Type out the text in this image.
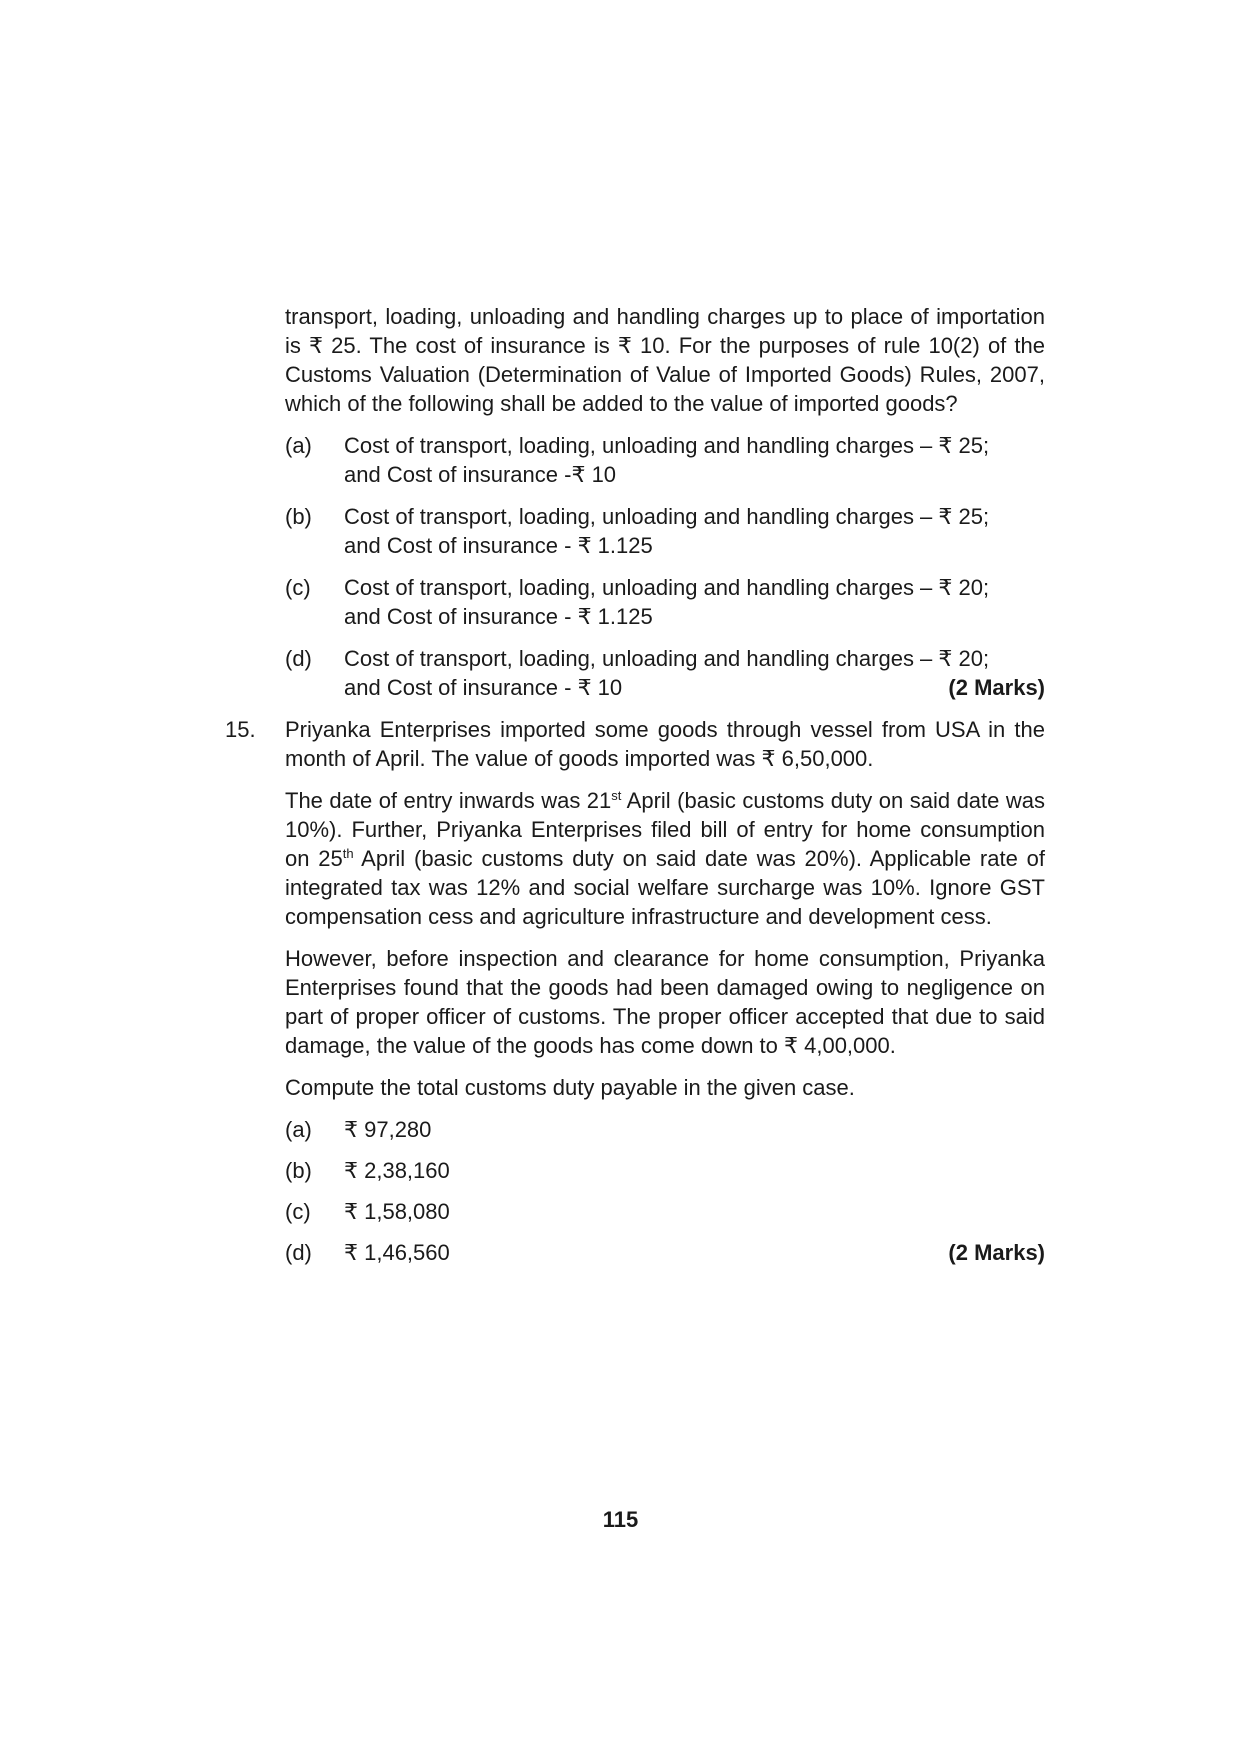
transport, loading, unloading and handling charges up to place of importation is ₹ 25. The cost of insurance is ₹ 10. For the purposes of rule 10(2) of the Customs Valuation (Determination of Value of Imported Goods) Rules, 2007, which of the following shall be added to the value of imported goods?

(a) Cost of transport, loading, unloading and handling charges – ₹ 25;
and Cost of insurance -₹ 10
(b) Cost of transport, loading, unloading and handling charges – ₹ 25;
and Cost of insurance - ₹ 1.125
(c) Cost of transport, loading, unloading and handling charges – ₹ 20;
and Cost of insurance - ₹ 1.125
(d) Cost of transport, loading, unloading and handling charges – ₹ 20;
and Cost of insurance - ₹ 10	(2 Marks)
15. Priyanka Enterprises imported some goods through vessel from USA in the month of April. The value of goods imported was ₹ 6,50,000.

The date of entry inwards was 21st April (basic customs duty on said date was 10%). Further, Priyanka Enterprises filed bill of entry for home consumption on 25th April (basic customs duty on said date was 20%). Applicable rate of integrated tax was 12% and social welfare surcharge was 10%. Ignore GST compensation cess and agriculture infrastructure and development cess.

However, before inspection and clearance for home consumption, Priyanka Enterprises found that the goods had been damaged owing to negligence on part of proper officer of customs. The proper officer accepted that due to said damage, the value of the goods has come down to ₹ 4,00,000.

Compute the total customs duty payable in the given case.

(a) ₹ 97,280
(b) ₹ 2,38,160
(c) ₹ 1,58,080
(d) ₹ 1,46,560	(2 Marks)
115
